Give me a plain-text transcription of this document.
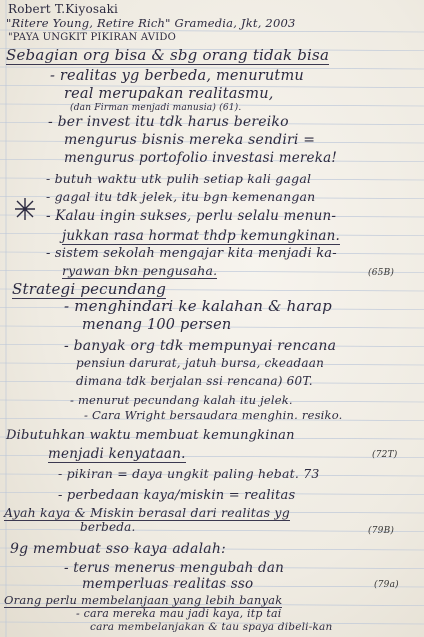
Robert T.Kiyosaki
"Ritere Young, Retire Rich" Gramedia, Jkt, 2003
"PAYA UNGKIT PIKIRAN AVIDO
Sebagian org bisa & sbg orang tidak bisa
- realitas yg berbeda, menurutmu
real merupakan realitasmu,
(dan Firman menjadi manusia) (61).
- ber invest itu tdk harus bereiko
mengurus bisnis mereka sendiri =
mengurus portofolio investasi mereka!
- butuh waktu utk pulih setiap kali gagal
- gagal itu tdk jelek, itu bgn kemenangan
- Kalau ingin sukses, perlu selalu menun-
jukkan rasa hormat thdp kemungkinan.
- sistem sekolah mengajar kita menjadi ka-
ryawan bkn pengusaha.	(65B)
Strategi pecundang
- menghindari ke kalahan & harap
menang 100 persen
- banyak org tdk mempunyai rencana
pensiun darurat, jatuh bursa, ckeadaan
dimana tdk berjalan ssi rencana) 60T.
- menurut pecundang kalah itu jelek.
- Cara Wright bersaudara menghin. resiko.
Dibutuhkan waktu membuat kemungkinan
menjadi kenyataan.	(72T)
- pikiran = daya ungkit paling hebat. 73
- perbedaan kaya/miskin = realitas
Ayah kaya & Miskin berasal dari realitas yg
berbeda.	(79B)
9g membuat sso kaya adalah:
- terus menerus mengubah dan
memperluas realitas sso	(79a)
Orang perlu membelanjaan yang lebih banyak
- cara mereka mau jadi kaya, itp tai
cara membelanjakan & tau spaya dibeli-kan
